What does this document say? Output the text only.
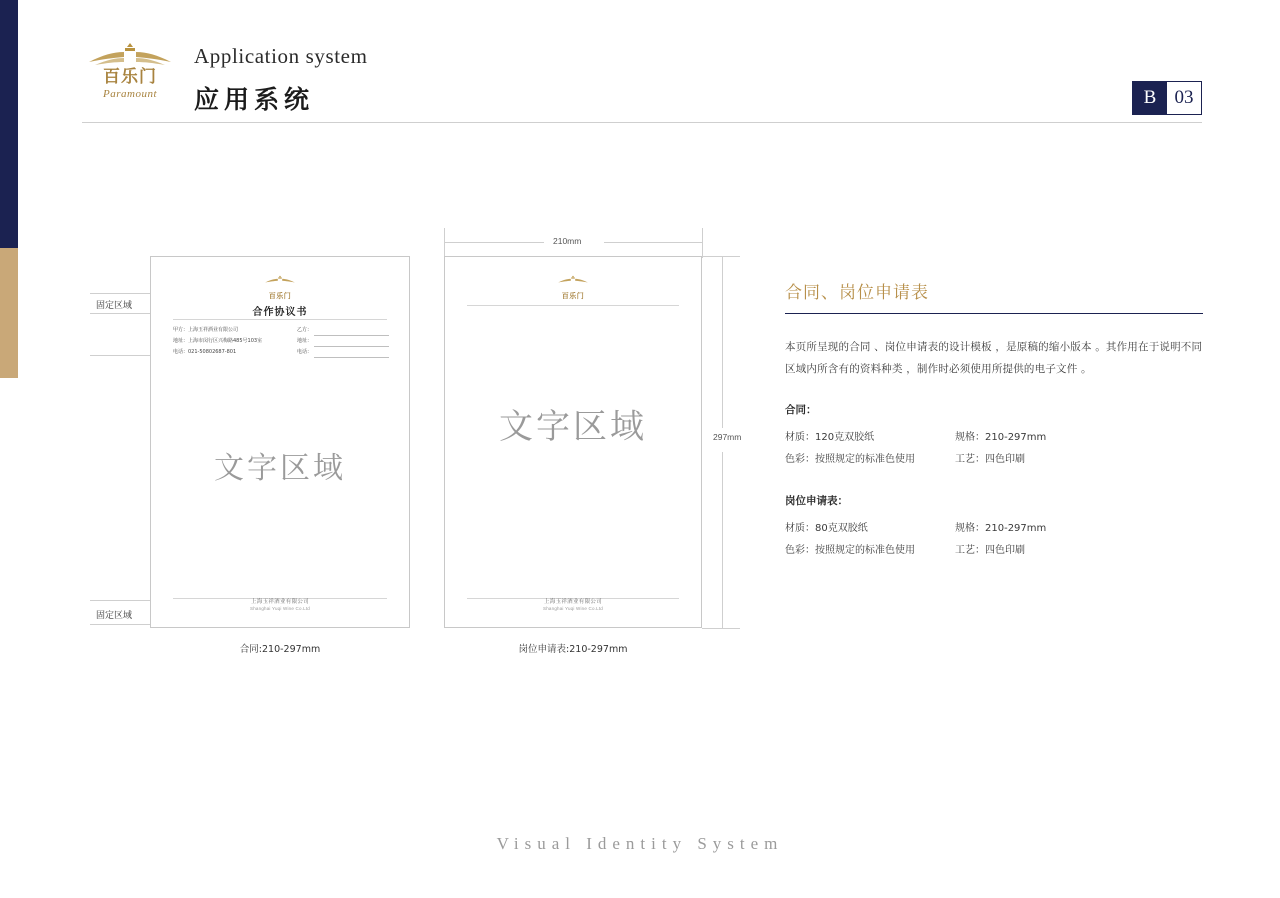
百乐门
Paramount
Application system
应用系统	B 03
固定区域
固定区域
百乐门
合作协议书
甲方：上海玉祥酒业有限公司	乙方：
地址：上海市闵行区兴梅路485号103室	地址：
电话：021-50802687-801	电话：
文字区域
上海玉祥酒业有限公司
Shanghai Yuqi Wine Co.Ltd
合同:210-297mm
210mm
297mm
百乐门
文字区域
上海玉祥酒业有限公司
Shanghai Yuqi Wine Co.Ltd
岗位申请表:210-297mm
合同、岗位申请表
本页所呈现的合同 、岗位申请表的设计模板 ，是原稿的缩小版本 。其作用在于说明不同区域内所含有的资料种类 ，制作时必须使用所提供的电子文件 。
合同：
材质：120克双胶纸	规格：210-297mm
色彩：按照规定的标准色使用	工艺：四色印刷
岗位申请表：
材质：80克双胶纸	规格：210-297mm
色彩：按照规定的标准色使用	工艺：四色印刷
Visual Identity System
